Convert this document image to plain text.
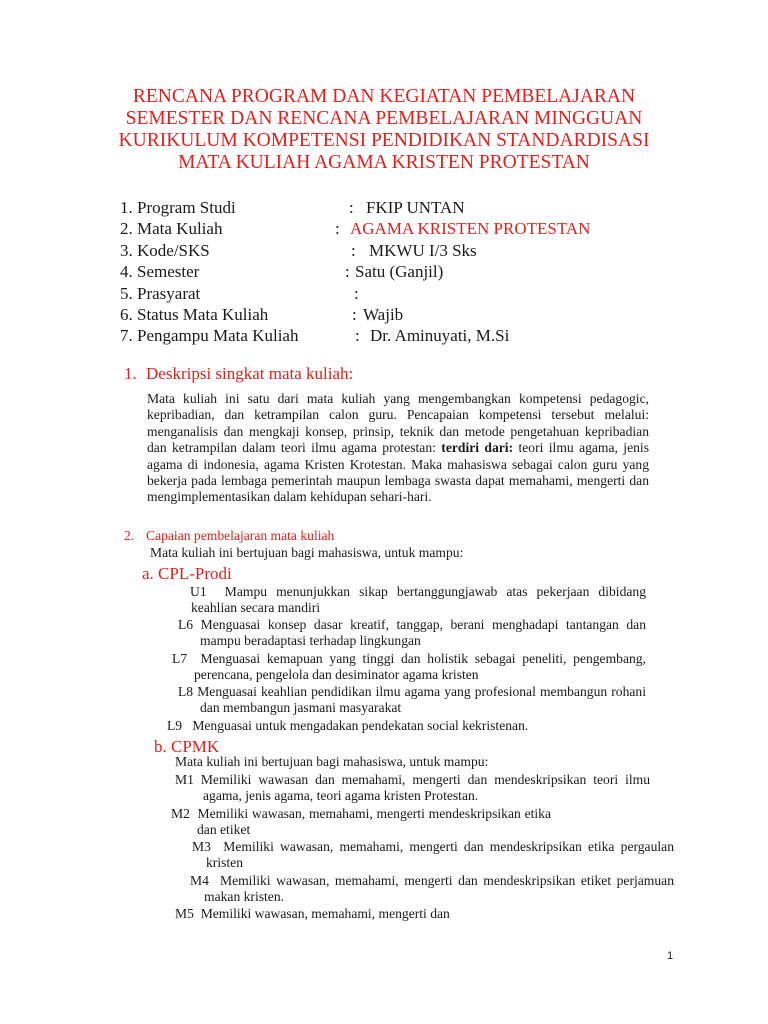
RENCANA PROGRAM DAN KEGIATAN PEMBELAJARAN
SEMESTER DAN RENCANA PEMBELAJARAN MINGGUAN
KURIKULUM KOMPETENSI PENDIDIKAN STANDARDISASI
MATA KULIAH AGAMA KRISTEN PROTESTAN
1. Program Studi	: FKIP UNTAN
2. Mata Kuliah	: AGAMA KRISTEN PROTESTAN
3. Kode/SKS	: MKWU I/3 Sks
4. Semester	: Satu (Ganjil)
5. Prasyarat	:
6. Status Mata Kuliah	: Wajib
7. Pengampu Mata Kuliah	: Dr. Aminuyati, M.Si
1. Deskripsi singkat mata kuliah:
Mata kuliah ini satu dari mata kuliah yang mengembangkan kompetensi pedagogic, kepribadian, dan ketrampilan calon guru. Pencapaian kompetensi tersebut melalui: menganalisis dan mengkaji konsep, prinsip, teknik dan metode pengetahuan kepribadian dan ketrampilan dalam teori ilmu agama protestan: terdiri dari: teori ilmu agama, jenis agama di indonesia, agama Kristen Krotestan. Maka mahasiswa sebagai calon guru yang bekerja pada lembaga pemerintah maupun lembaga swasta dapat memahami, mengerti dan mengimplementasikan dalam kehidupan sehari-hari.
2. Capaian pembelajaran mata kuliah
Mata kuliah ini bertujuan bagi mahasiswa, untuk mampu:
a. CPL-Prodi
U1 Mampu menunjukkan sikap bertanggungjawab atas pekerjaan dibidang keahlian secara mandiri
L6 Menguasai konsep dasar kreatif, tanggap, berani menghadapi tantangan dan mampu beradaptasi terhadap lingkungan
L7 Menguasai kemapuan yang tinggi dan holistik sebagai peneliti, pengembang, perencana, pengelola dan desiminator agama kristen
L8 Menguasai keahlian pendidikan ilmu agama yang profesional membangun rohani dan membangun jasmani masyarakat
L9 Menguasai untuk mengadakan pendekatan social kekristenan.
b. CPMK
Mata kuliah ini bertujuan bagi mahasiswa, untuk mampu:
M1 Memiliki wawasan dan memahami, mengerti dan mendeskripsikan teori ilmu agama, jenis agama, teori agama kristen Protestan.
M2 Memiliki wawasan, memahami, mengerti mendeskripsikan etika dan etiket
M3 Memiliki wawasan, memahami, mengerti dan mendeskripsikan etika pergaulan kristen
M4 Memiliki wawasan, memahami, mengerti dan mendeskripsikan etiket perjamuan makan kristen.
M5 Memiliki wawasan, memahami, mengerti dan
1
